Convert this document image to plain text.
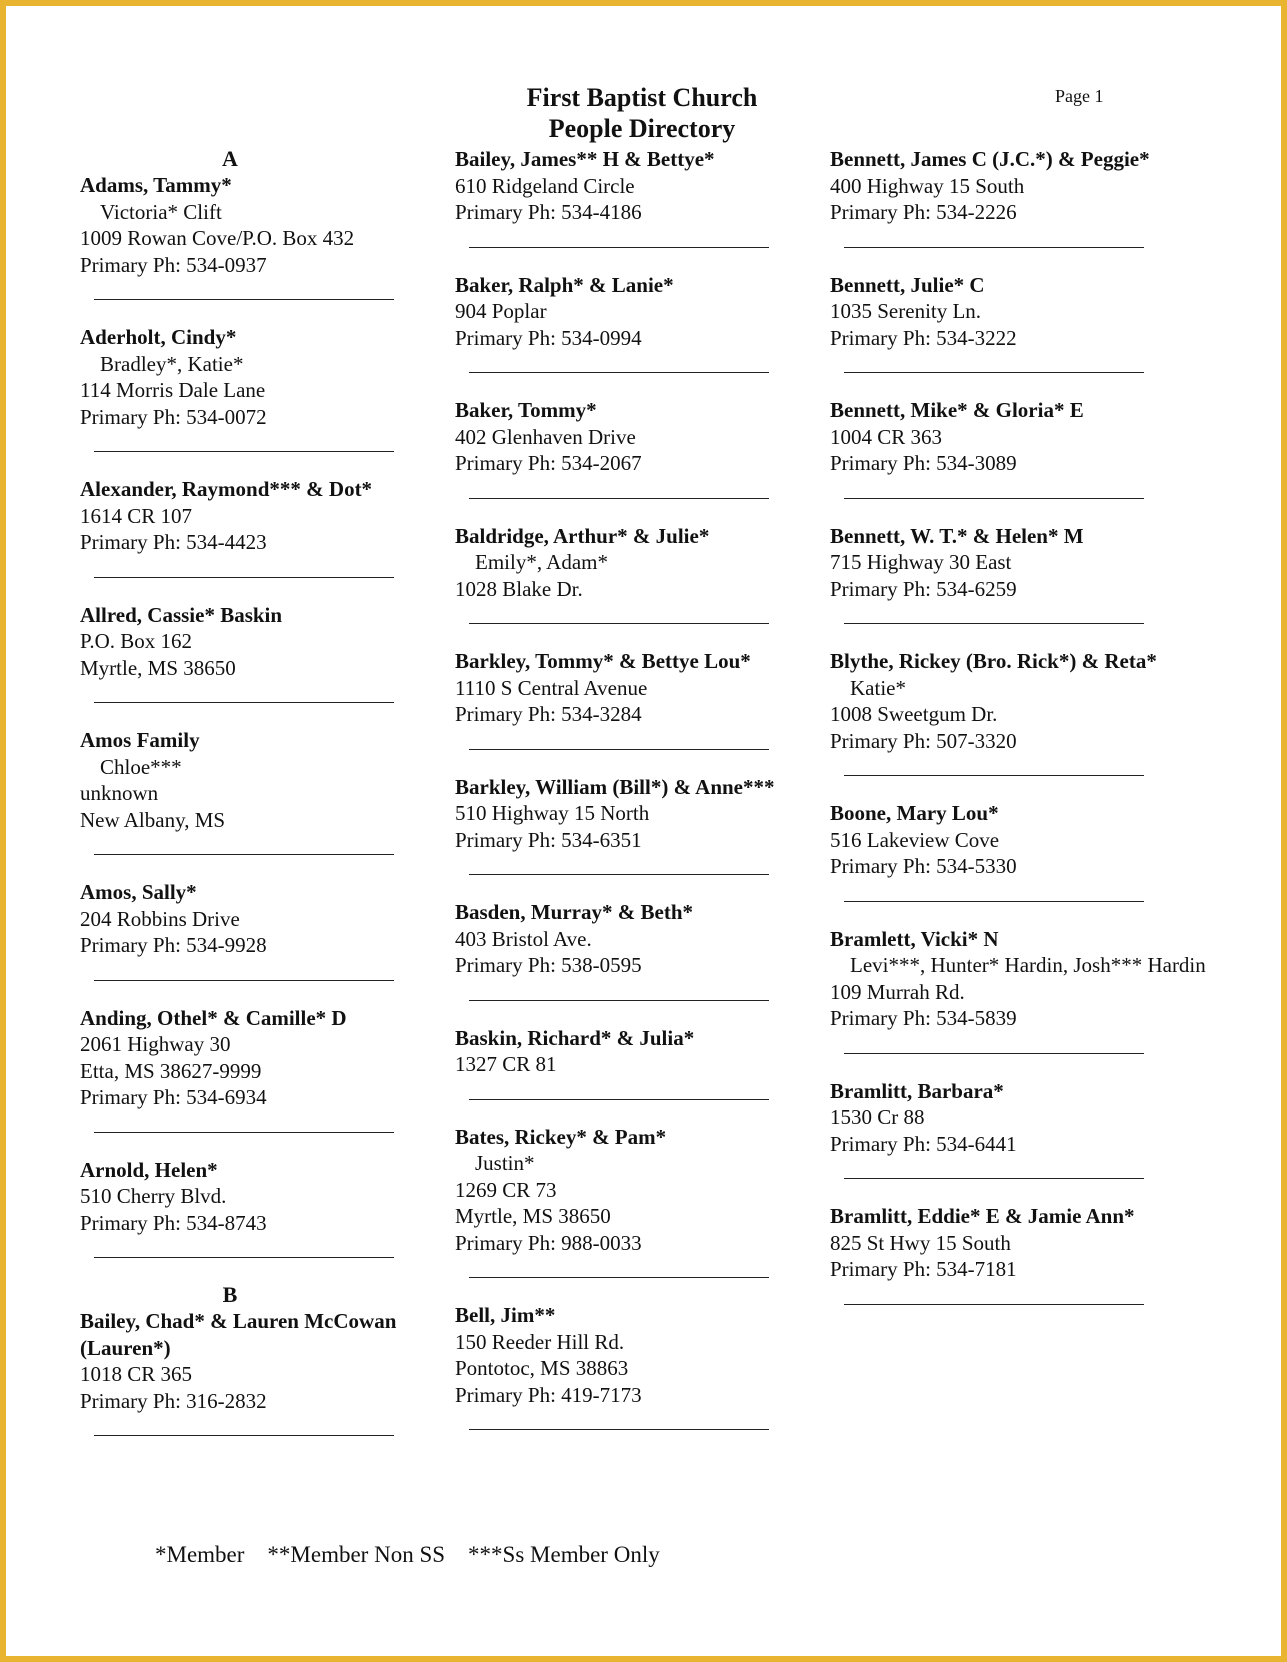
First Baptist Church
People Directory
Page 1
A
Adams, Tammy*
Victoria* Clift
1009 Rowan Cove/P.O. Box 432
Primary Ph: 534-0937
Aderholt, Cindy*
Bradley*, Katie*
114 Morris Dale Lane
Primary Ph: 534-0072
Alexander, Raymond*** & Dot*
1614 CR 107
Primary Ph: 534-4423
Allred, Cassie* Baskin
P.O. Box 162
Myrtle, MS 38650
Amos Family
Chloe***
unknown
New Albany, MS
Amos, Sally*
204 Robbins Drive
Primary Ph: 534-9928
Anding, Othel* & Camille* D
2061 Highway 30
Etta, MS 38627-9999
Primary Ph: 534-6934
Arnold, Helen*
510 Cherry Blvd.
Primary Ph: 534-8743
B
Bailey, Chad* & Lauren McCowan (Lauren*)
1018 CR 365
Primary Ph: 316-2832
Bailey, James** H & Bettye*
610 Ridgeland Circle
Primary Ph: 534-4186
Baker, Ralph* & Lanie*
904 Poplar
Primary Ph: 534-0994
Baker, Tommy*
402 Glenhaven Drive
Primary Ph: 534-2067
Baldridge, Arthur* & Julie*
Emily*, Adam*
1028 Blake Dr.
Barkley, Tommy* & Bettye Lou*
1110 S Central Avenue
Primary Ph: 534-3284
Barkley, William (Bill*) & Anne***
510 Highway 15 North
Primary Ph: 534-6351
Basden, Murray* & Beth*
403 Bristol Ave.
Primary Ph: 538-0595
Baskin, Richard* & Julia*
1327 CR 81
Bates, Rickey* & Pam*
Justin*
1269 CR 73
Myrtle, MS 38650
Primary Ph: 988-0033
Bell, Jim**
150 Reeder Hill Rd.
Pontotoc, MS 38863
Primary Ph: 419-7173
Bennett, James C (J.C.*) & Peggie*
400 Highway 15 South
Primary Ph: 534-2226
Bennett, Julie* C
1035 Serenity Ln.
Primary Ph: 534-3222
Bennett, Mike* & Gloria* E
1004 CR 363
Primary Ph: 534-3089
Bennett, W. T.* & Helen* M
715 Highway 30 East
Primary Ph: 534-6259
Blythe, Rickey (Bro. Rick*) & Reta*
Katie*
1008 Sweetgum Dr.
Primary Ph: 507-3320
Boone, Mary Lou*
516 Lakeview Cove
Primary Ph: 534-5330
Bramlett, Vicki* N
Levi***, Hunter* Hardin, Josh*** Hardin
109 Murrah Rd.
Primary Ph: 534-5839
Bramlitt, Barbara*
1530 Cr 88
Primary Ph: 534-6441
Bramlitt, Eddie* E & Jamie Ann*
825 St Hwy 15 South
Primary Ph: 534-7181
*Member **Member Non SS ***Ss Member Only
